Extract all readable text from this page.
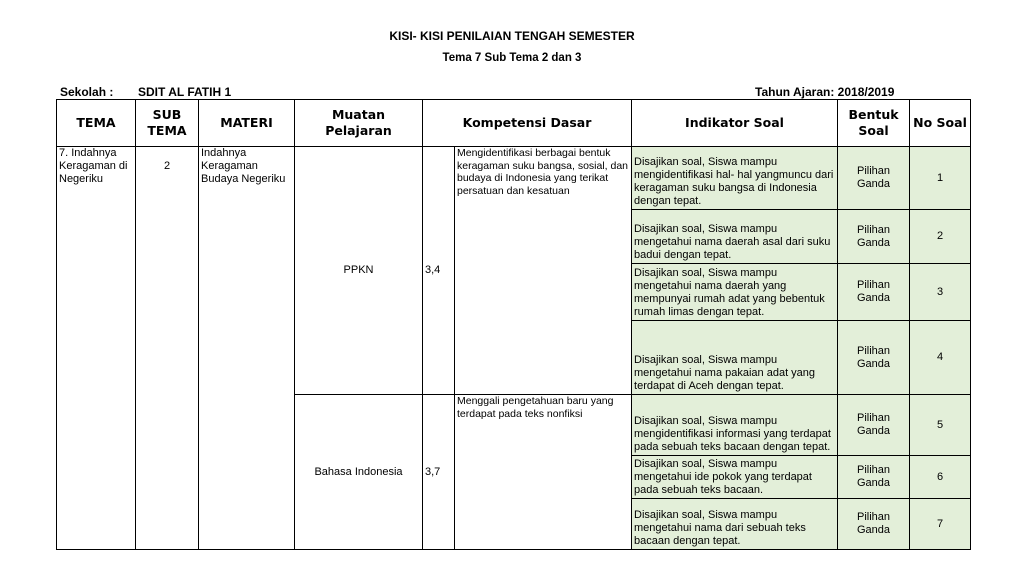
KISI- KISI PENILAIAN TENGAH SEMESTER
Tema 7 Sub Tema 2 dan 3
Sekolah : SDIT AL FATIH 1	Tahun Ajaran: 2018/2019
TEMA	SUB TEMA	MATERI	Muatan Pelajaran	Kompetensi Dasar		Indikator Soal	Bentuk Soal	No Soal
7. Indahnya Keragaman di Negeriku	2	Indahnya Keragaman Budaya Negeriku	PPKN	3,4	Mengidentifikasi berbagai bentuk keragaman suku bangsa, sosial, dan budaya di Indonesia yang terikat persatuan dan kesatuan	Disajikan soal, Siswa mampu mengidentifikasi hal- hal yangmuncu dari keragaman suku bangsa di Indonesia dengan tepat.	Pilihan Ganda	1
						Disajikan soal, Siswa mampu mengetahui nama daerah asal dari suku badui dengan tepat.	Pilihan Ganda	2
						Disajikan soal, Siswa mampu mengetahui nama daerah yang mempunyai rumah adat yang bebentuk rumah limas dengan tepat.	Pilihan Ganda	3
						Disajikan soal, Siswa mampu mengetahui nama pakaian adat yang terdapat di Aceh dengan tepat.	Pilihan Ganda	4
			Bahasa Indonesia	3,7	Menggali pengetahuan baru yang terdapat pada teks nonfiksi	Disajikan soal, Siswa mampu mengidentifikasi informasi yang terdapat pada sebuah teks bacaan dengan tepat.	Pilihan Ganda	5
						Disajikan soal, Siswa mampu mengetahui ide pokok yang terdapat pada sebuah teks bacaan.	Pilihan Ganda	6
						Disajikan soal, Siswa mampu mengetahui nama dari sebuah teks bacaan dengan tepat.	Pilihan Ganda	7
